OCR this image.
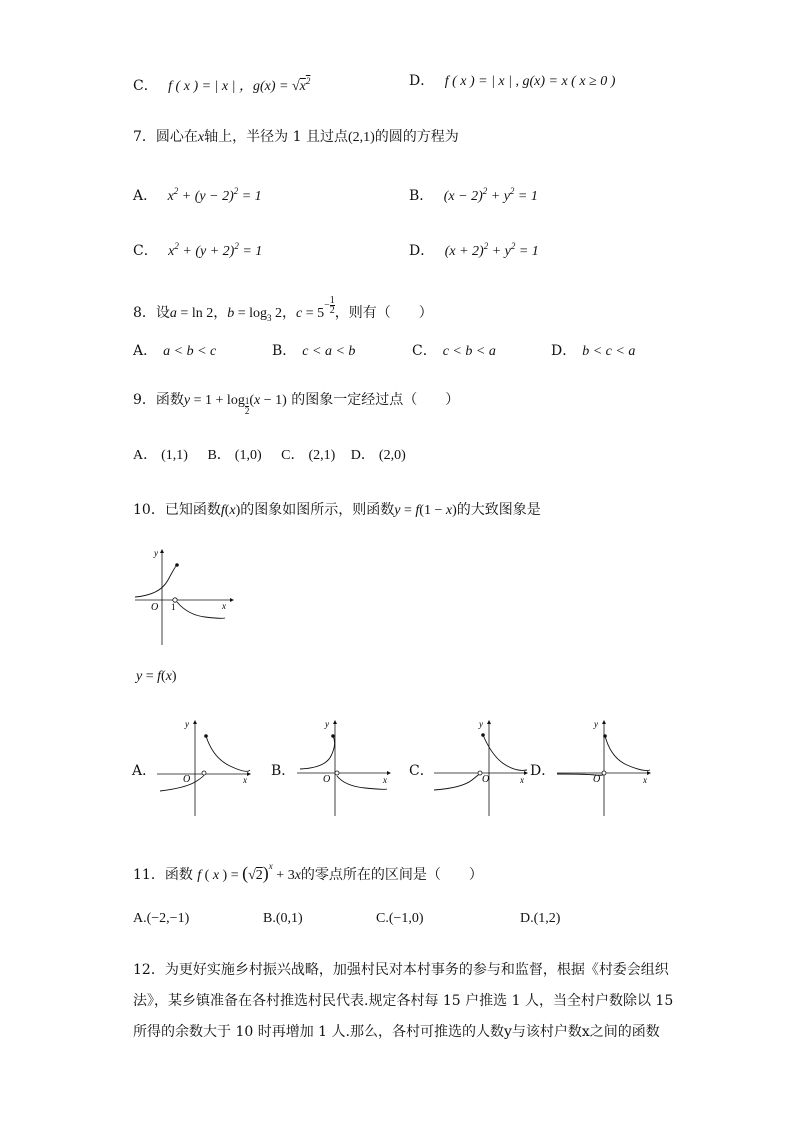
C． f ( x ) = | x | ，$g(x) = √x^2$	D． f ( x ) = | x | , g(x) = x ( x ≥ 0 )
7．圆心在x轴上，半径为 1 且过点(2,1)的圆的方程为
A． $x^2 + (y - 2)^2 = 1$	B． $(x - 2)^2 + y^2 = 1$
C． $x^2 + (y + 2)^2 = 1$	D． $(x + 2)^2 + y^2 = 1$
8．设a = ln 2，$b = \log_3 2$，$c = 5^{- \frac{1}{2}}$ ，则有（　　）
A． a < b < c	B． c < a < b	C． c < b < a	D． b < c < a
9．函数$y = 1 + \log \frac{1}{2} (x - 1)$ 的图象一定经过点（　　）
A． (1,1) B． (1,0) C． (2,1) D． (2,0)
10．已知函数f(x)的图象如图所示，则函数y = f(1 − x)的大致图象是
y
x
O 1
y = f(x)
A．
y
x
O
B．
y
x
O
C．
y
x
O
D．
y
x
O
11．函数 f ( x ) = $(√2)^x + 3x$的零点所在的区间是（　　）
A.(−2,−1)	B.(0,1)	C.(−1,0)	D.(1,2)
12．为更好实施乡村振兴战略，加强村民对本村事务的参与和监督，根据《村委会组织
法》，某乡镇准备在各村推选村民代表.规定各村每 15 户推选 1 人，当全村户数除以 15
所得的余数大于 10 时再增加 1 人.那么，各村可推选的人数y与该村户数x之间的函数
